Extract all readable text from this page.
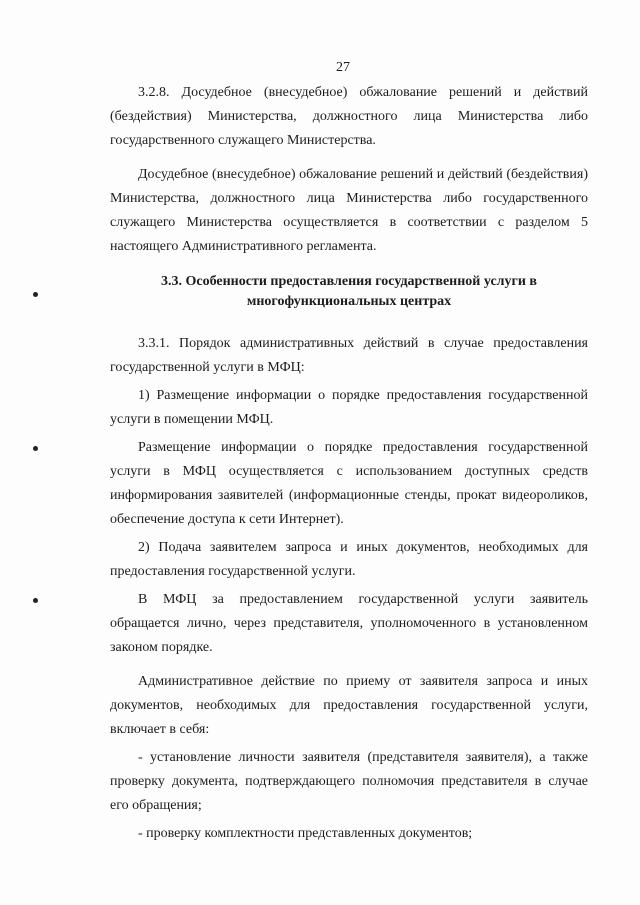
27

3.2.8. Досудебное (внесудебное) обжалование решений и действий (бездействия) Министерства, должностного лица Министерства либо государственного служащего Министерства.

Досудебное (внесудебное) обжалование решений и действий (бездействия) Министерства, должностного лица Министерства либо государственного служащего Министерства осуществляется в соответствии с разделом 5 настоящего Административного регламента.

3.3. Особенности предоставления государственной услуги в
многофункциональных центрах

3.3.1. Порядок административных действий в случае предоставления государственной услуги в МФЦ:

1) Размещение информации о порядке предоставления государственной услуги в помещении МФЦ.

Размещение информации о порядке предоставления государственной услуги в МФЦ осуществляется с использованием доступных средств информирования заявителей (информационные стенды, прокат видеороликов, обеспечение доступа к сети Интернет).

2) Подача заявителем запроса и иных документов, необходимых для предоставления государственной услуги.

В МФЦ за предоставлением государственной услуги заявитель обращается лично, через представителя, уполномоченного в установленном законом порядке.

Административное действие по приему от заявителя запроса и иных документов, необходимых для предоставления государственной услуги, включает в себя:

- установление личности заявителя (представителя заявителя), а также проверку документа, подтверждающего полномочия представителя в случае его обращения;

- проверку комплектности представленных документов;
